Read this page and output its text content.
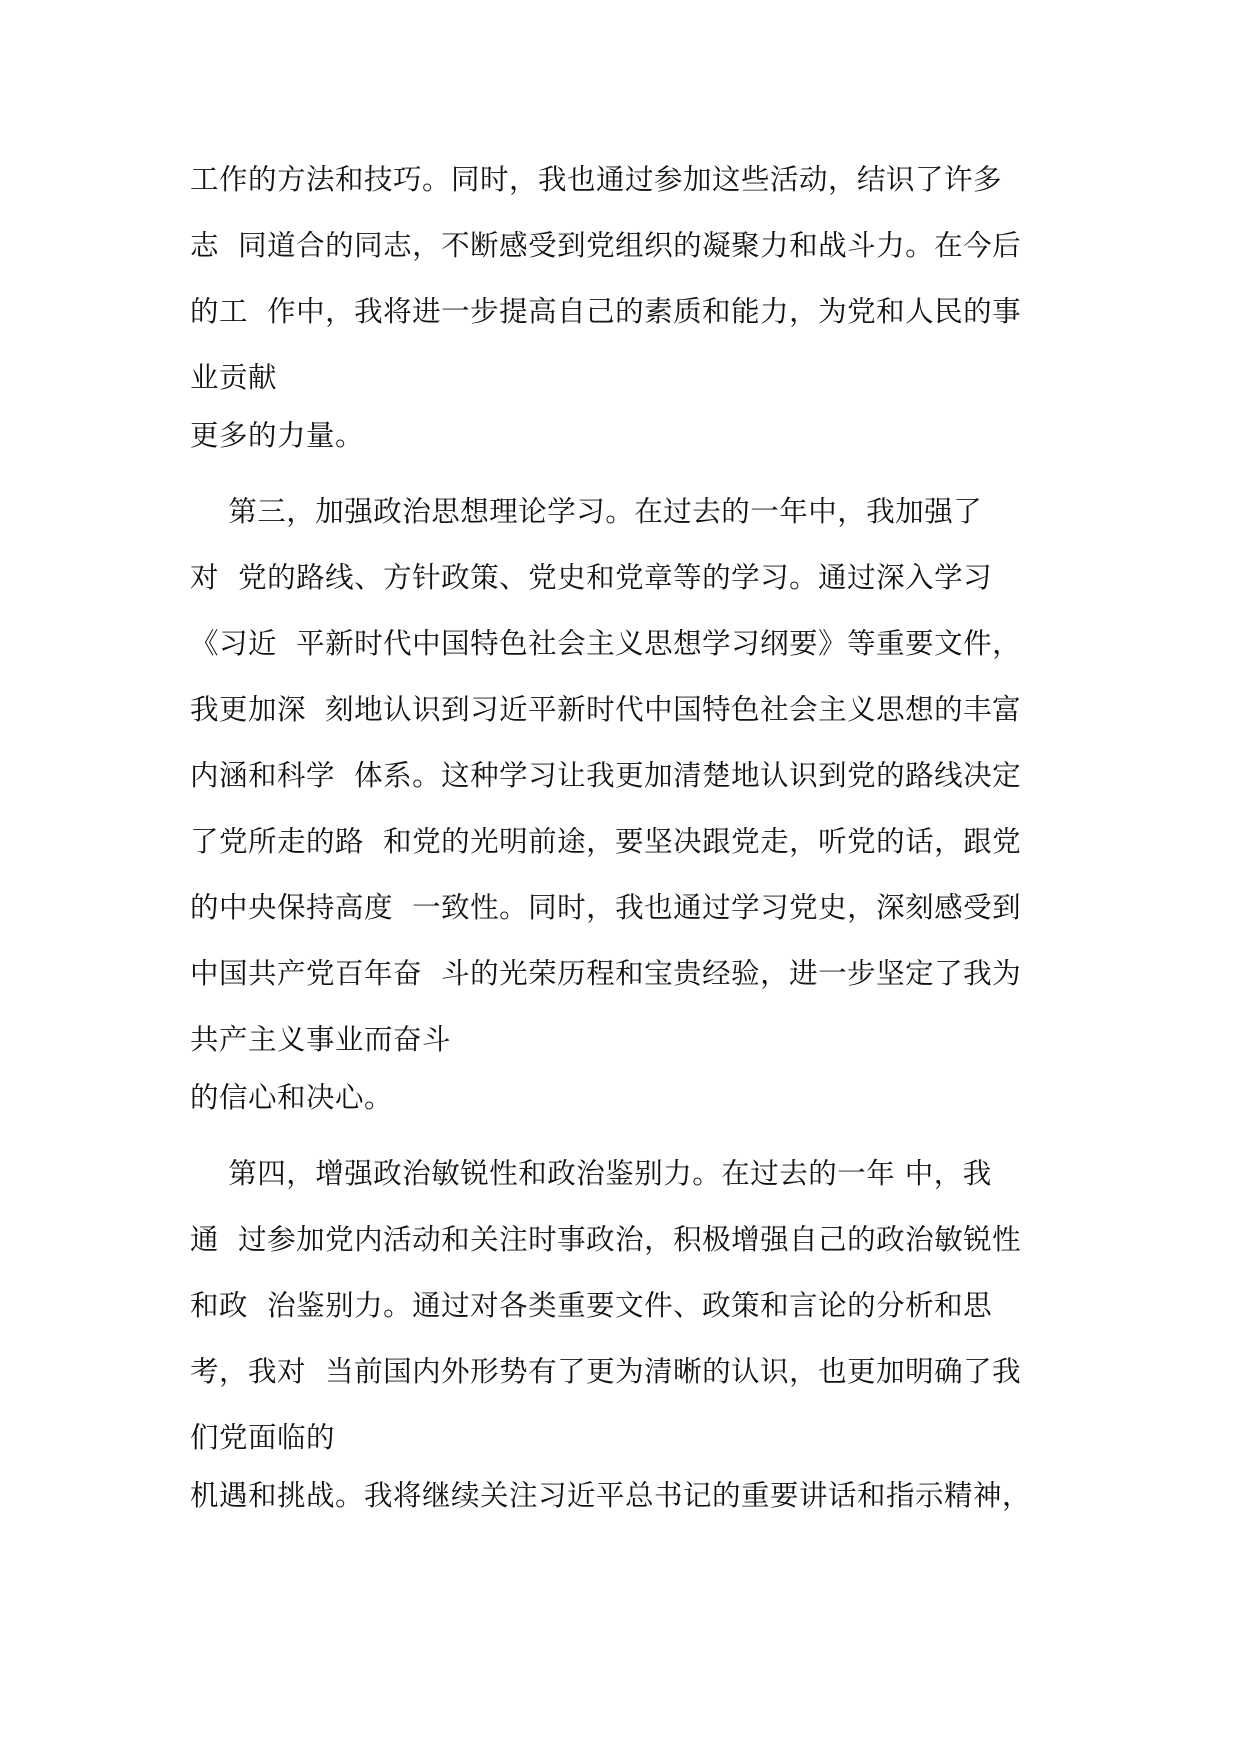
工作的方法和技巧。同时，我也通过参加这些活动，结识了许多
志  同道合的同志，不断感受到党组织的凝聚力和战斗力。在今后
的工  作中，我将进一步提高自己的素质和能力，为党和人民的事
业贡献
更多的力量。
第三，加强政治思想理论学习。在过去的一年中，我加强了
对  党的路线、方针政策、党史和党章等的学习。通过深入学习
《习近  平新时代中国特色社会主义思想学习纲要》等重要文件，
我更加深  刻地认识到习近平新时代中国特色社会主义思想的丰富
内涵和科学  体系。这种学习让我更加清楚地认识到党的路线决定
了党所走的路  和党的光明前途，要坚决跟党走，听党的话，跟党
的中央保持高度  一致性。同时，我也通过学习党史，深刻感受到
中国共产党百年奋  斗的光荣历程和宝贵经验，进一步坚定了我为
共产主义事业而奋斗
的信心和决心。
第四，增强政治敏锐性和政治鉴别力。在过去的一年 中，我
通  过参加党内活动和关注时事政治，积极增强自己的政治敏锐性
和政  治鉴别力。通过对各类重要文件、政策和言论的分析和思
考，我对  当前国内外形势有了更为清晰的认识，也更加明确了我
们党面临的
机遇和挑战。我将继续关注习近平总书记的重要讲话和指示精神，
